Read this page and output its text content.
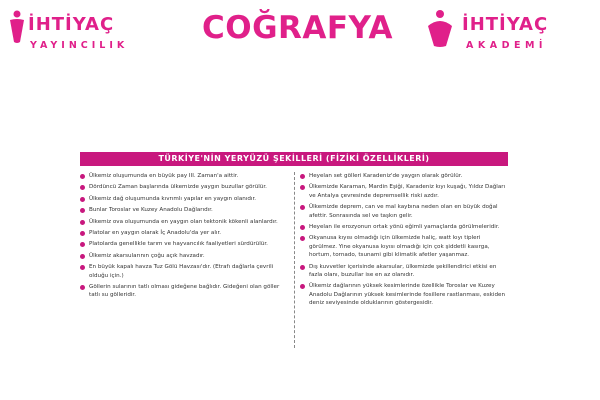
İHTİYAÇ
YAYINCILIK COĞRAFYA	İHTİYAÇ
AKADEMİ
TÜRKİYE'NİN YERYÜZÜ ŞEKİLLERİ (FİZİKİ ÖZELLİKLERİ)
Ülkemiz oluşumunda en büyük pay III. Zaman'a aittir.
Dördüncü Zaman başlarında ülkemizde yaygın buzullar görülür.
Ülkemiz dağ oluşumunda kıvrımlı yapılar en yaygın olanıdır.
Bunlar Toroslar ve Kuzey Anadolu Dağlarıdır.
Ülkemiz ova oluşumunda en yaygın olan tektonik kökenli alanlardır.
Platolar en yaygın olarak İç Anadolu'da yer alır.
Platolarda genellikle tarım ve hayvancılık faaliyetleri sürdürülür.
Ülkemiz akarsularının çoğu açık havzadır.
En büyük kapalı havza Tuz Gölü Havzası'dır. (Etrafı dağlarla çevrili olduğu için.)
Göllerin sularının tatlı olması gideğene bağlıdır. Gideğeni olan göller tatlı su gölleridir.
Heyelan set gölleri Karadeniz'de yaygın olarak görülür.
Ülkemizde Karaman, Mardin Eşiği, Karadeniz kıyı kuşağı, Yıldız Dağları ve Antalya çevresinde depremsellik riski azdır.
Ülkemizde deprem, can ve mal kaybına neden olan en büyük doğal afettir. Sonrasında sel ve taşkın gelir.
Heyelan ile erozyonun ortak yönü eğimli yamaçlarda görülmeleridir.
Okyanusa kıyısı olmadığı için ülkemizde haliç, watt kıyı tipleri görülmez. Yine okyanusa kıyısı olmadığı için çok şiddetli kasırga, hortum, tornado, tsunami gibi klimatik afetler yaşanmaz.
Dış kuvvetler içerisinde akarsular, ülkemizde şekillendirici etkisi en fazla olanı, buzullar ise en az olanıdır.
Ülkemiz dağlarının yüksek kesimlerinde özellikle Toroslar ve Kuzey Anadolu Dağlarının yüksek kesimlerinde fosillere rastlanması, eskiden deniz seviyesinde olduklarının göstergesidir.
